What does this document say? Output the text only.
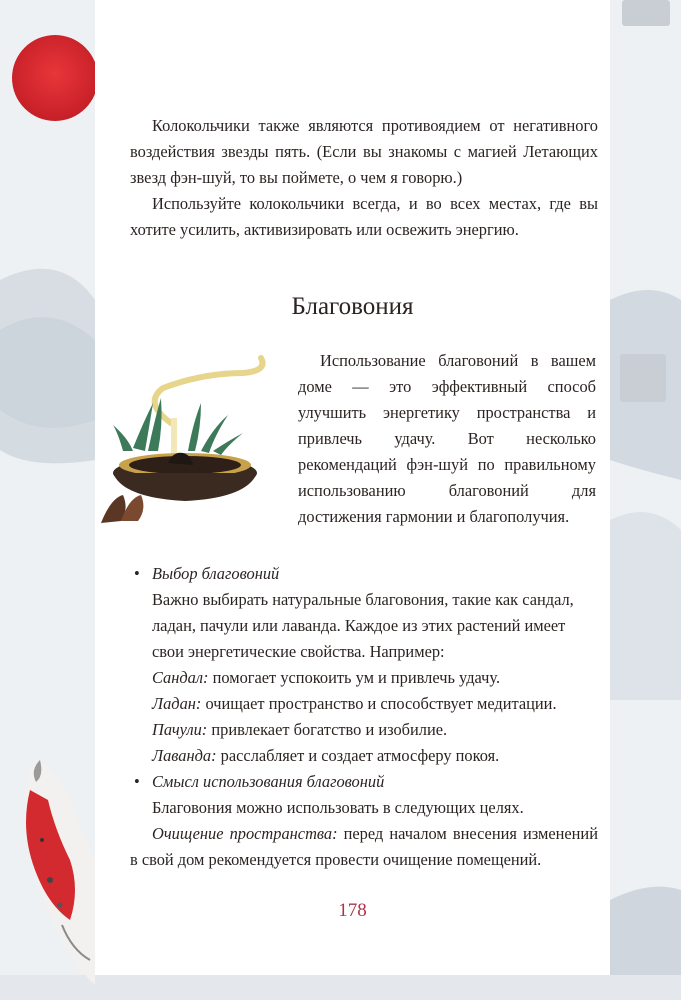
Колокольчики также являются противоядием от негативного воздействия звезды пять. (Если вы знакомы с магией Летающих звезд фэн-шуй, то вы поймете, о чем я говорю.)

Используйте колокольчики всегда, и во всех местах, где вы хотите усилить, активизировать или освежить энергию.

Благовония

Использование благовоний в вашем доме — это эффективный способ улучшить энергетику пространства и привлечь удачу. Вот несколько рекомендаций фэн-шуй по правильному использованию благовоний для достижения гармонии и благополучия.

• Выбор благовоний

Важно выбирать натуральные благовония, такие как сандал, ладан, пачули или лаванда. Каждое из этих растений имеет свои энергетические свойства. Например:

Сандал: помогает успокоить ум и привлечь удачу.

Ладан: очищает пространство и способствует медитации.

Пачули: привлекает богатство и изобилие.

Лаванда: расслабляет и создает атмосферу покоя.

• Смысл использования благовоний

Благовония можно использовать в следующих целях.

Очищение пространства: перед началом внесения изменений в свой дом рекомендуется провести очищение помещений.

178
